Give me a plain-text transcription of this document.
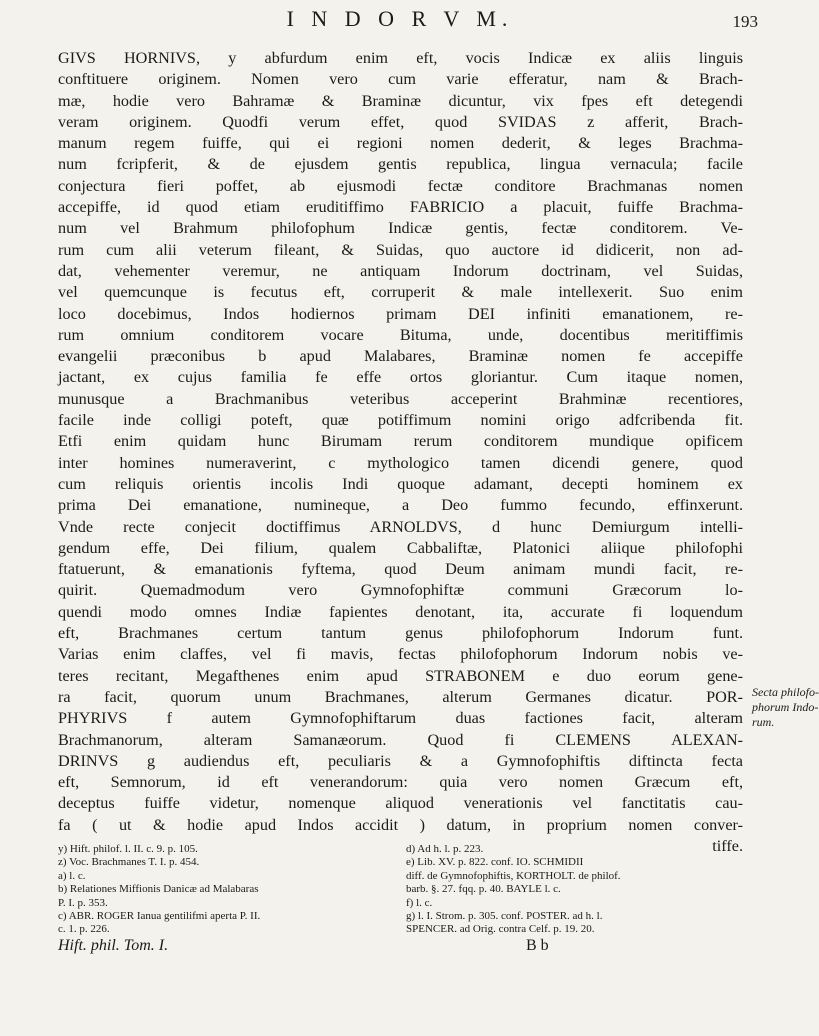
I N D O R V M.	193
GIVS HORNIVS, y abfurdum enim eft, vocis Indicæ ex aliis linguis
conftituere originem. Nomen vero cum varie efferatur, nam & Brach-
mæ, hodie vero Bahramæ & Braminæ dicuntur, vix fpes eft detegendi
veram originem. Quodfi verum effet, quod SVIDAS z afferit, Brach-
manum regem fuiffe, qui ei regioni nomen dederit, & leges Brachma-
num fcripferit, & de ejusdem gentis republica, lingua vernacula; facile
conjectura fieri poffet, ab ejusmodi fectæ conditore Brachmanas nomen
accepiffe, id quod etiam eruditiffimo FABRICIO a placuit, fuiffe Brachma-
num vel Brahmum philofophum Indicæ gentis, fectæ conditorem. Ve-
rum cum alii veterum fileant, & Suidas, quo auctore id didicerit, non ad-
dat, vehementer veremur, ne antiquam Indorum doctrinam, vel Suidas,
vel quemcunque is fecutus eft, corruperit & male intellexerit. Suo enim
loco docebimus, Indos hodiernos primam DEI infiniti emanationem, re-
rum omnium conditorem vocare Bituma, unde, docentibus meritiffimis
evangelii præconibus b apud Malabares, Braminæ nomen fe accepiffe
jactant, ex cujus familia fe effe ortos gloriantur. Cum itaque nomen,
munusque a Brachmanibus veteribus acceperint Brahminæ recentiores,
facile inde colligi poteft, quæ potiffimum nomini origo adfcribenda fit.
Etfi enim quidam hunc Birumam rerum conditorem mundique opificem
inter homines numeraverint, c mythologico tamen dicendi genere, quod
cum reliquis orientis incolis Indi quoque adamant, decepti hominem ex
prima Dei emanatione, numineque, a Deo fummo fecundo, effinxerunt.
Vnde recte conjecit doctiffimus ARNOLDVS, d hunc Demiurgum intelli-
gendum effe, Dei filium, qualem Cabbaliftæ, Platonici aliique philofophi
ftatuerunt, & emanationis fyftema, quod Deum animam mundi facit, re-
quirit. Quemadmodum vero Gymnofophiftæ communi Græcorum lo-
quendi modo omnes Indiæ fapientes denotant, ita, accurate fi loquendum
eft, Brachmanes certum tantum genus philofophorum Indorum funt.
Varias enim claffes, vel fi mavis, fectas philofophorum Indorum nobis ve-
teres recitant, Megafthenes enim apud STRABONEM e duo eorum gene-
ra facit, quorum unum Brachmanes, alterum Germanes dicatur. POR-
PHYRIVS f autem Gymnofophiftarum duas factiones facit, alteram
Brachmanorum, alteram Samanæorum. Quod fi CLEMENS ALEXAN-
DRINVS g audiendus eft, peculiaris & a Gymnofophiftis diftincta fecta
eft, Semnorum, id eft venerandorum: quia vero nomen Græcum eft,
deceptus fuiffe videtur, nomenque aliquod venerationis vel fanctitatis cau-
fa ( ut & hodie apud Indos accidit ) datum, in proprium nomen conver-
tiffe.
Secta philofo-
phorum Indo-
rum.
y) Hift. philof. l. II. c. 9. p. 105.
z) Voc. Brachmanes T. I. p. 454.
a) l. c.
b) Relationes Miffionis Danicæ ad Malabaras
P. I. p. 353.
c) ABR. ROGER Ianua gentilifmi aperta P. II.
c. 1. p. 226.
Hift. phil. Tom. I.
d) Ad h. l. p. 223.
e) Lib. XV. p. 822. conf. IO. SCHMIDII
diff. de Gymnofophiftis, KORTHOLT. de philof.
barb. §. 27. fqq. p. 40. BAYLE l. c.
f) l. c.
g) l. I. Strom. p. 305. conf. POSTER. ad h. l.
SPENCER. ad Orig. contra Celf. p. 19. 20.
B b
